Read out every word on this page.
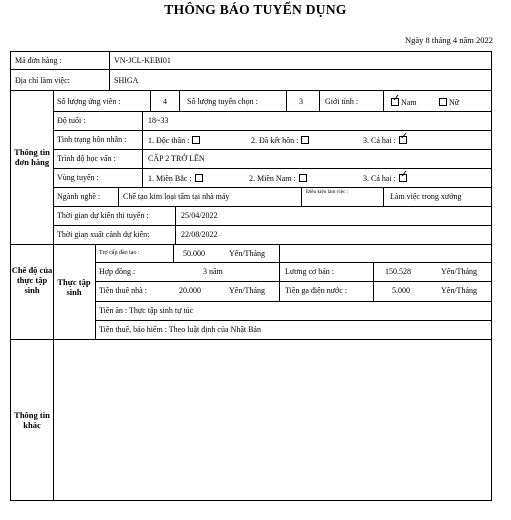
THÔNG BÁO TUYỂN DỤNG
Ngày 8 tháng 4 năm 2022
Mã đơn hàng :	VN-JCL-KEBI01
Địa chỉ làm việc:	SHIGA
Thông tin đơn hàng
Chế độ của thực tập sinh
Thực tập sinh
Thông tin khác
Số lượng ứng viên :	4	Số lượng tuyển chọn :	3	Giới tính :
✓	Nam	Nữ
Độ tuổi :	18~33
Tình trạng hôn nhân :	1. Độc thân :	2. Đã kết hôn :	3. Cả hai :✓
Trình độ học vấn :	CẤP 2 TRỞ LÊN
Vùng tuyển :	1. Miền Bắc :	2. Miền Nam :	3. Cả hai :✓
Ngành nghề :	Chế tạo kim loại tấm tại nhà máy	Điều kiện làm việc :	Làm việc trong xưởng
Thời gian dự kiến thi tuyển :	25/04/2022
Thời gian xuất cảnh dự kiến:	22/08/2022
Trợ cấp đào tạo :	50.000	Yên/Tháng
Hợp đồng :	3 năm	Lương cơ bản :	150.528	Yên/Tháng
Tiền thuê nhà :	20.000	Yên/Tháng	Tiền ga điện nước :	5.000	Yên/Tháng
Tiền ăn : Thực tập sinh tự túc
Tiền thuế, bảo hiểm : Theo luật định của Nhật Bản
